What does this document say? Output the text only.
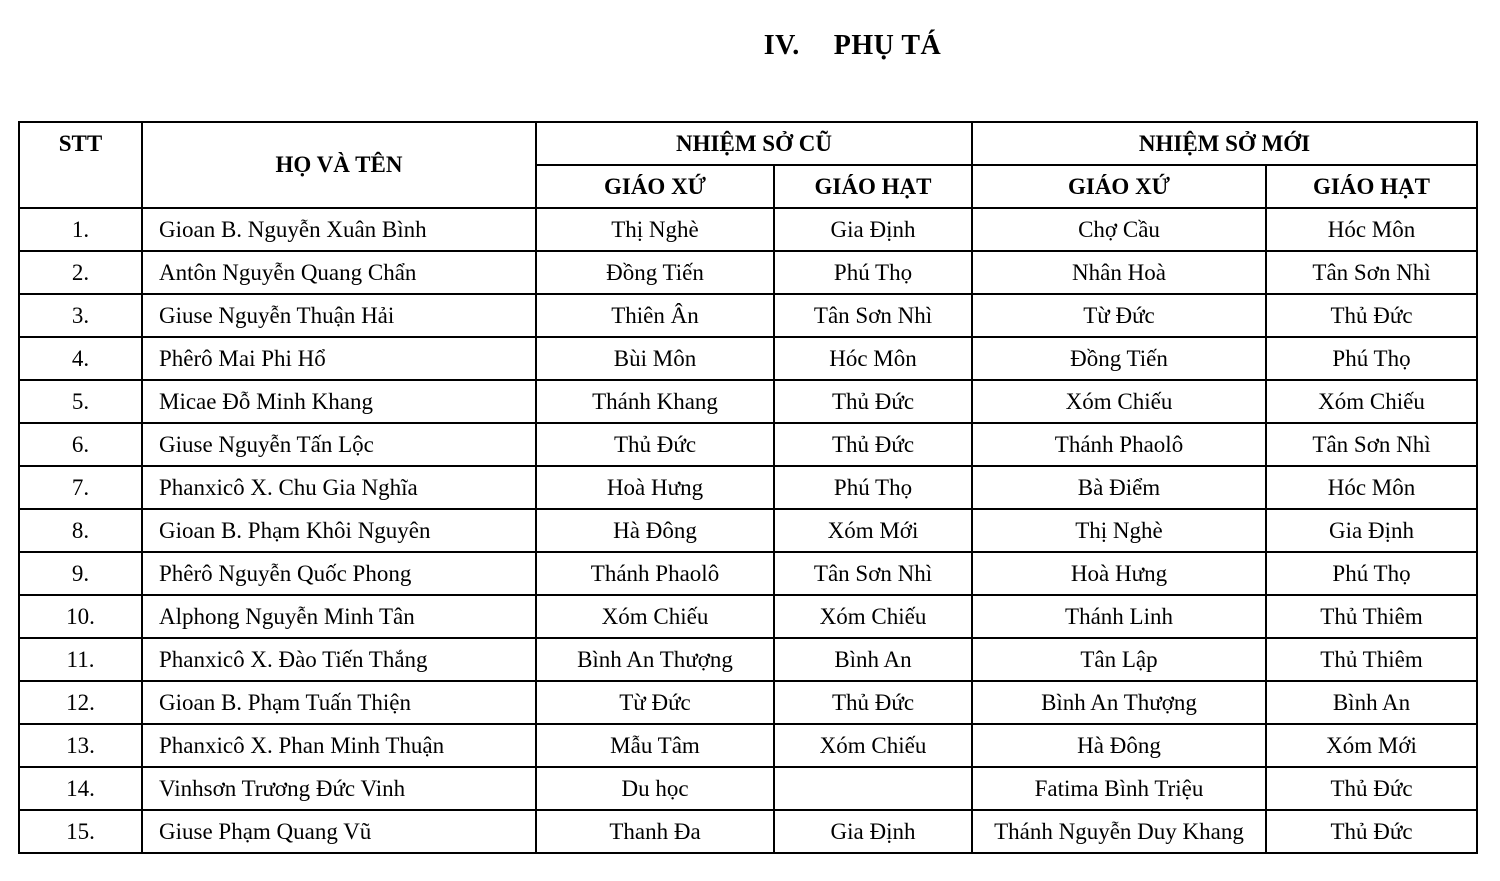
IV. PHỤ TÁ
STT	HỌ VÀ TÊN	NHIỆM SỞ CŨ		NHIỆM SỞ MỚI	
		GIÁO XỨ	GIÁO HẠT	GIÁO XỨ	GIÁO HẠT
1.	Gioan B. Nguyễn Xuân Bình	Thị Nghè	Gia Định	Chợ Cầu	Hóc Môn
2.	Antôn Nguyễn Quang Chẩn	Đồng Tiến	Phú Thọ	Nhân Hoà	Tân Sơn Nhì
3.	Giuse Nguyễn Thuận Hải	Thiên Ân	Tân Sơn Nhì	Từ Đức	Thủ Đức
4.	Phêrô Mai Phi Hổ	Bùi Môn	Hóc Môn	Đồng Tiến	Phú Thọ
5.	Micae Đỗ Minh Khang	Thánh Khang	Thủ Đức	Xóm Chiếu	Xóm Chiếu
6.	Giuse Nguyễn Tấn Lộc	Thủ Đức	Thủ Đức	Thánh Phaolô	Tân Sơn Nhì
7.	Phanxicô X. Chu Gia Nghĩa	Hoà Hưng	Phú Thọ	Bà Điểm	Hóc Môn
8.	Gioan B. Phạm Khôi Nguyên	Hà Đông	Xóm Mới	Thị Nghè	Gia Định
9.	Phêrô Nguyễn Quốc Phong	Thánh Phaolô	Tân Sơn Nhì	Hoà Hưng	Phú Thọ
10.	Alphong Nguyễn Minh Tân	Xóm Chiếu	Xóm Chiếu	Thánh Linh	Thủ Thiêm
11.	Phanxicô X. Đào Tiến Thắng	Bình An Thượng	Bình An	Tân Lập	Thủ Thiêm
12.	Gioan B. Phạm Tuấn Thiện	Từ Đức	Thủ Đức	Bình An Thượng	Bình An
13.	Phanxicô X. Phan Minh Thuận	Mẫu Tâm	Xóm Chiếu	Hà Đông	Xóm Mới
14.	Vinhsơn Trương Đức Vinh	Du học		Fatima Bình Triệu	Thủ Đức
15.	Giuse Phạm Quang Vũ	Thanh Đa	Gia Định	Thánh Nguyễn Duy Khang	Thủ Đức
